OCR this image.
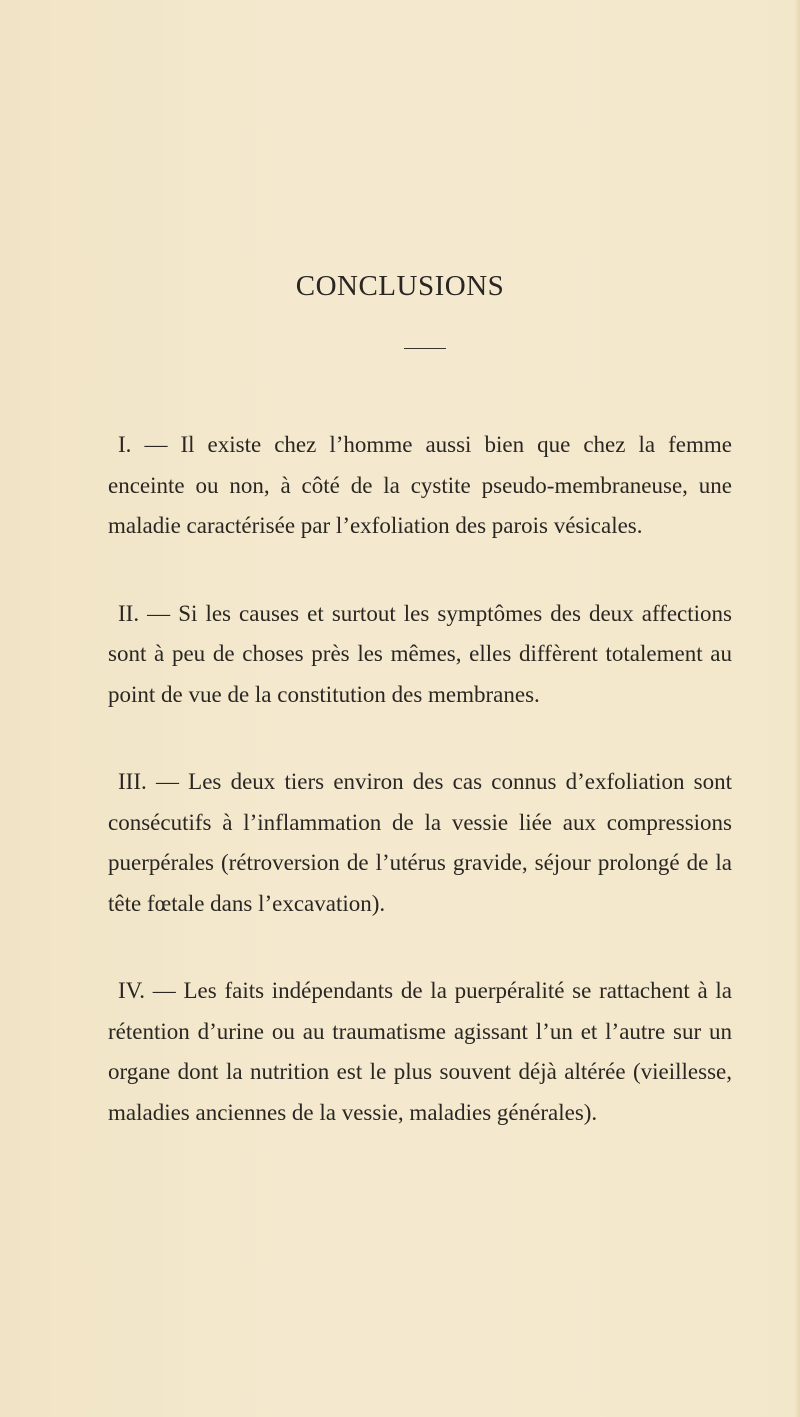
CONCLUSIONS

I. — Il existe chez l’homme aussi bien que chez la femme enceinte ou non, à côté de la cystite pseudo-membraneuse, une maladie caractérisée par l’exfoliation des parois vésicales.

II. — Si les causes et surtout les symptômes des deux affections sont à peu de choses près les mêmes, elles diffèrent totalement au point de vue de la constitution des membranes.

III. — Les deux tiers environ des cas connus d’exfoliation sont consécutifs à l’inflammation de la vessie liée aux compressions puerpérales (rétroversion de l’utérus gravide, séjour prolongé de la tête fœtale dans l’excavation).

IV. — Les faits indépendants de la puerpéralité se rattachent à la rétention d’urine ou au traumatisme agissant l’un et l’autre sur un organe dont la nutrition est le plus souvent déjà altérée (vieillesse, maladies anciennes de la vessie, maladies générales).
